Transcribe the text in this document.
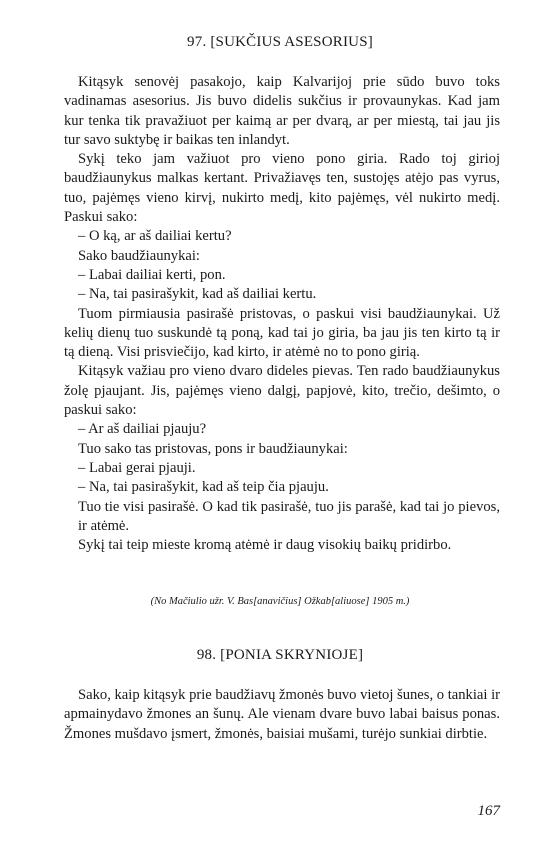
97. [SUKČIUS ASESORIUS]

Kitąsyk senovėj pasakojo, kaip Kalvarijoj prie sūdo buvo toks vadinamas asesorius. Jis buvo didelis sukčius ir provaunykas. Kad jam kur tenka tik pravažiuot per kaimą ar per dvarą, ar per miestą, tai jau jis tur savo suktybę ir baikas ten inlandyt.

Sykį teko jam važiuot pro vieno pono giria. Rado toj girioj baudžiaunykus malkas kertant. Privažiavęs ten, sustojęs atėjo pas vyrus, tuo, pajėmęs vieno kirvį, nukirto medį, kito pajėmęs, vėl nukirto medį. Paskui sako:

– O ką, ar aš dailiai kertu?

Sako baudžiaunykai:

– Labai dailiai kerti, pon.

– Na, tai pasirašykit, kad aš dailiai kertu.

Tuom pirmiausia pasirašė pristovas, o paskui visi baudžiaunykai. Už kelių dienų tuo suskundė tą poną, kad tai jo giria, ba jau jis ten kirto tą ir tą dieną. Visi prisviečijo, kad kirto, ir atėmė no to pono girią.

Kitąsyk važiau pro vieno dvaro dideles pievas. Ten rado baudžiaunykus žolę pjaujant. Jis, pajėmęs vieno dalgį, papjovė, kito, trečio, dešimto, o paskui sako:

– Ar aš dailiai pjauju?

Tuo sako tas pristovas, pons ir baudžiaunykai:

– Labai gerai pjauji.

– Na, tai pasirašykit, kad aš teip čia pjauju.

Tuo tie visi pasirašė. O kad tik pasirašė, tuo jis parašė, kad tai jo pievos, ir atėmė.

Sykį tai teip mieste kromą atėmė ir daug visokių baikų pridirbo.

(No Mačiulio užr. V. Bas[anavičius] Ožkab[aliuose] 1905 m.)
98. [PONIA SKRYNIOJE]

Sako, kaip kitąsyk prie baudžiavų žmonės buvo vietoj šunes, o tankiai ir apmainydavo žmones an šunų. Ale vienam dvare buvo labai baisus ponas. Žmones mušdavo įsmert, žmonės, baisiai mušami, turėjo sunkiai dirbtie.

167
